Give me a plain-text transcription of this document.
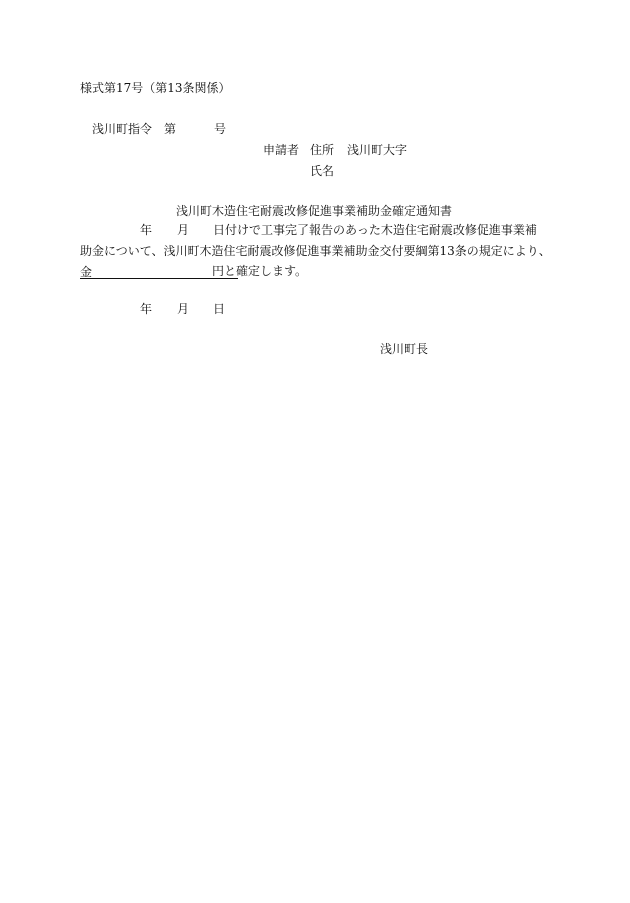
様式第17号（第13条関係）
浅川町指令 第	号
申請者 住所 浅川町大字
氏名
浅川町木造住宅耐震改修促進事業補助金確定通知書
年 月 日付けで工事完了報告のあった木造住宅耐震改修促進事業補
助金について、浅川町木造住宅耐震改修促進事業補助金交付要綱第13条の規定により、
金	円と確定します。
年 月 日
浅川町長
